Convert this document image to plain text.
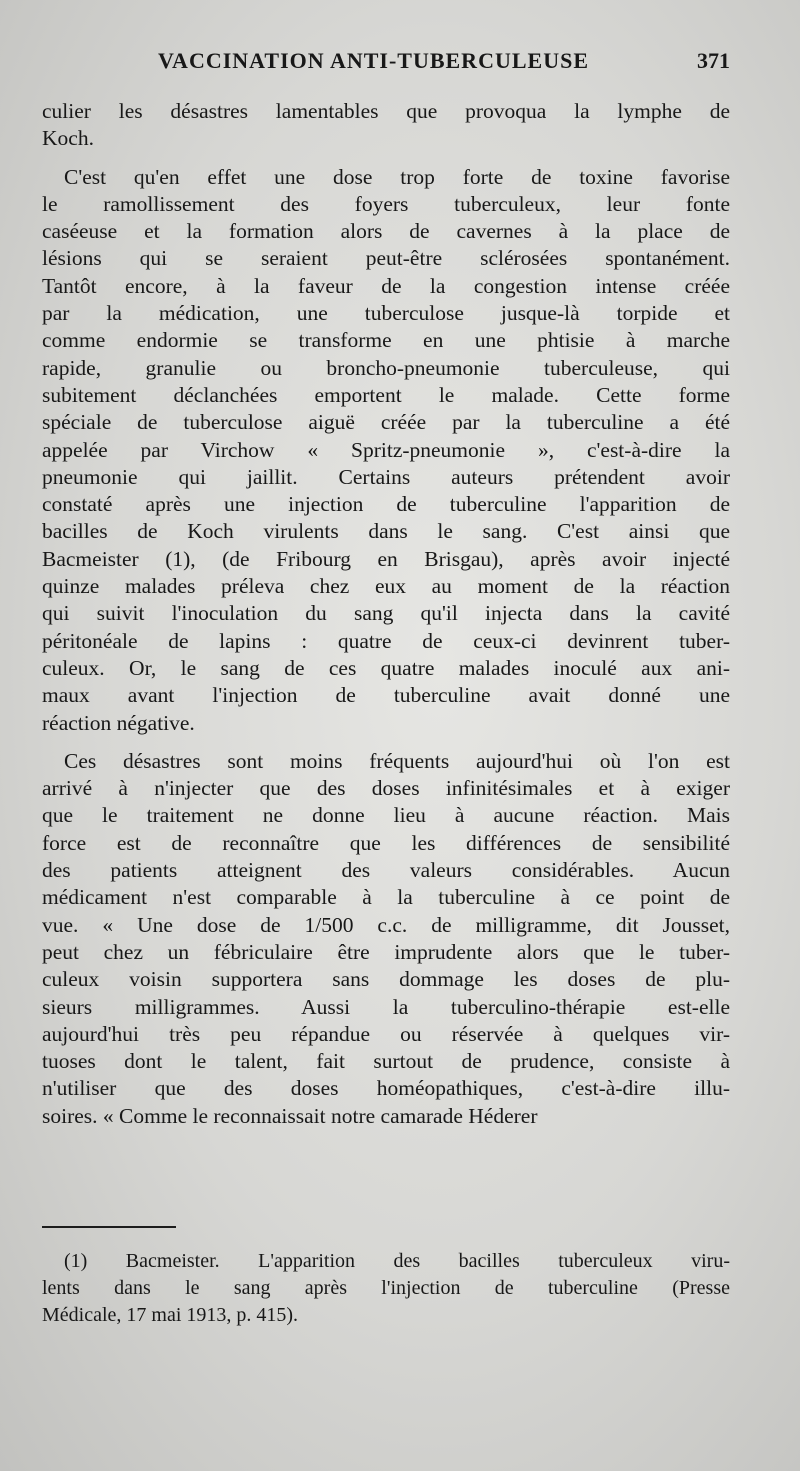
VACCINATION ANTI-TUBERCULEUSE	371
culier les désastres lamentables que provoqua la lymphe de
Koch.
C'est qu'en effet une dose trop forte de toxine favorise
le ramollissement des foyers tuberculeux, leur fonte
caséeuse et la formation alors de cavernes à la place de
lésions qui se seraient peut-être sclérosées spontanément.
Tantôt encore, à la faveur de la congestion intense créée
par la médication, une tuberculose jusque-là torpide et
comme endormie se transforme en une phtisie à marche
rapide, granulie ou broncho-pneumonie tuberculeuse, qui
subitement déclanchées emportent le malade. Cette forme
spéciale de tuberculose aiguë créée par la tuberculine a été
appelée par Virchow « Spritz-pneumonie », c'est-à-dire la
pneumonie qui jaillit. Certains auteurs prétendent avoir
constaté après une injection de tuberculine l'apparition de
bacilles de Koch virulents dans le sang. C'est ainsi que
Bacmeister (1), (de Fribourg en Brisgau), après avoir injecté
quinze malades préleva chez eux au moment de la réaction
qui suivit l'inoculation du sang qu'il injecta dans la cavité
péritonéale de lapins : quatre de ceux-ci devinrent tuber-
culeux. Or, le sang de ces quatre malades inoculé aux ani-
maux avant l'injection de tuberculine avait donné une
réaction négative.
Ces désastres sont moins fréquents aujourd'hui où l'on est
arrivé à n'injecter que des doses infinitésimales et à exiger
que le traitement ne donne lieu à aucune réaction. Mais
force est de reconnaître que les différences de sensibilité
des patients atteignent des valeurs considérables. Aucun
médicament n'est comparable à la tuberculine à ce point de
vue. « Une dose de 1/500 c.c. de milligramme, dit Jousset,
peut chez un fébriculaire être imprudente alors que le tuber-
culeux voisin supportera sans dommage les doses de plu-
sieurs milligrammes. Aussi la tuberculino-thérapie est-elle
aujourd'hui très peu répandue ou réservée à quelques vir-
tuoses dont le talent, fait surtout de prudence, consiste à
n'utiliser que des doses homéopathiques, c'est-à-dire illu-
soires. « Comme le reconnaissait notre camarade Héderer
(1) Bacmeister. L'apparition des bacilles tuberculeux viru-
lents dans le sang après l'injection de tuberculine (Presse
Médicale, 17 mai 1913, p. 415).
